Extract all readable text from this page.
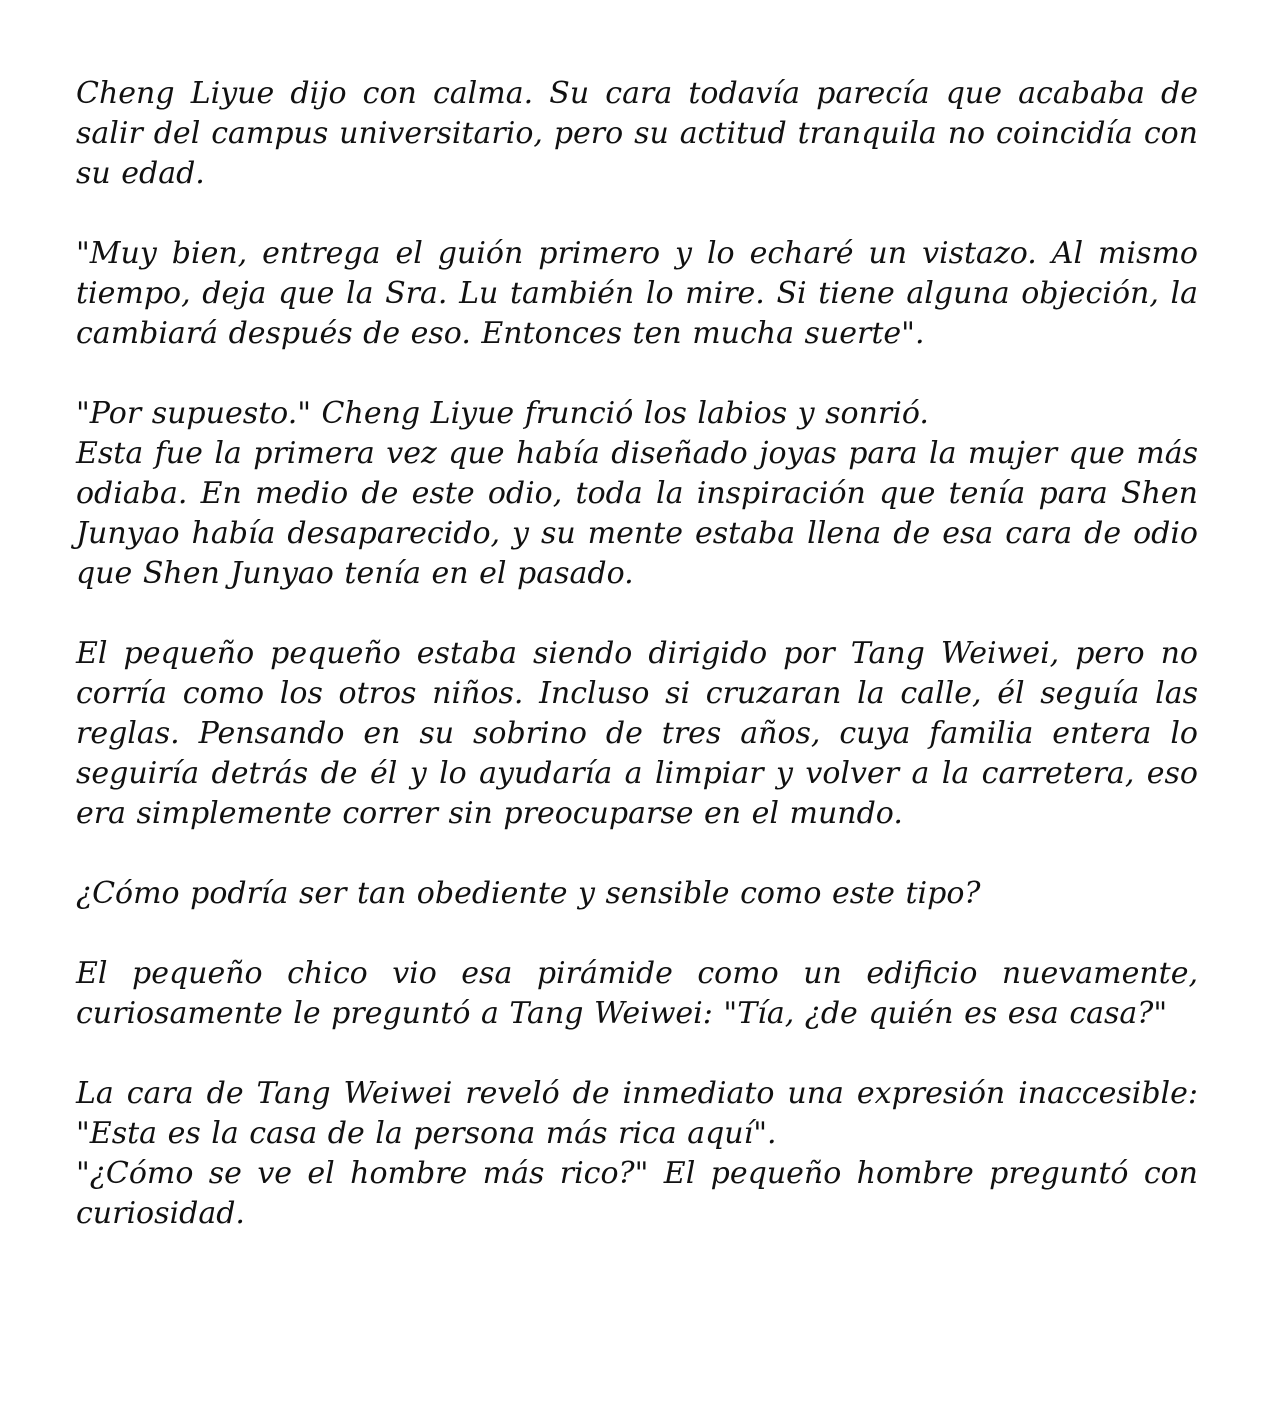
Cheng Liyue dijo con calma. Su cara todavía parecía que acababa de salir del campus universitario, pero su actitud tranquila no coincidía con su edad.

"Muy bien, entrega el guión primero y lo echaré un vistazo. Al mismo tiempo, deja que la Sra. Lu también lo mire. Si tiene alguna objeción, la cambiará después de eso. Entonces ten mucha suerte".

"Por supuesto." Cheng Liyue frunció los labios y sonrió.
Esta fue la primera vez que había diseñado joyas para la mujer que más odiaba. En medio de este odio, toda la inspiración que tenía para Shen Junyao había desaparecido, y su mente estaba llena de esa cara de odio que Shen Junyao tenía en el pasado.

El pequeño pequeño estaba siendo dirigido por Tang Weiwei, pero no corría como los otros niños. Incluso si cruzaran la calle, él seguía las reglas. Pensando en su sobrino de tres años, cuya familia entera lo seguiría detrás de él y lo ayudaría a limpiar y volver a la carretera, eso era simplemente correr sin preocuparse en el mundo.

¿Cómo podría ser tan obediente y sensible como este tipo?

El pequeño chico vio esa pirámide como un edificio nuevamente, curiosamente le preguntó a Tang Weiwei: "Tía, ¿de quién es esa casa?"

La cara de Tang Weiwei reveló de inmediato una expresión inaccesible: "Esta es la casa de la persona más rica aquí".
"¿Cómo se ve el hombre más rico?" El pequeño hombre preguntó con curiosidad.
